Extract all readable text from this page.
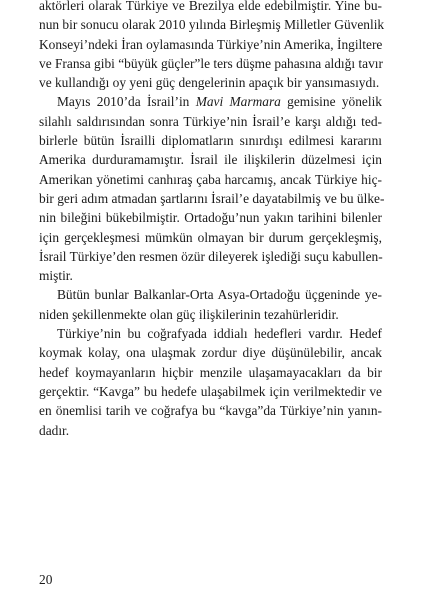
aktörleri olarak Türkiye ve Brezilya elde edebilmiştir. Yine bu-
nun bir sonucu olarak 2010 yılında Birleşmiş Milletler Güvenlik
Konseyi’ndeki İran oylamasında Türkiye’nin Amerika, İngiltere
ve Fransa gibi “büyük güçler”le ters düşme pahasına aldığı tavır
ve kullandığı oy yeni güç dengelerinin apaçık bir yansımasıydı.
Mayıs 2010’da İsrail’in Mavi Marmara gemisine yönelik
silahlı saldırısından sonra Türkiye’nin İsrail’e karşı aldığı ted-
birlerle bütün İsrailli diplomatların sınırdışı edilmesi kararını
Amerika durduramamıştır. İsrail ile ilişkilerin düzelmesi için
Amerikan yönetimi canhıraş çaba harcamış, ancak Türkiye hiç-
bir geri adım atmadan şartlarını İsrail’e dayatabilmiş ve bu ülke-
nin bileğini bükebilmiştir. Ortadoğu’nun yakın tarihini bilenler
için gerçekleşmesi mümkün olmayan bir durum gerçekleşmiş,
İsrail Türkiye’den resmen özür dileyerek işlediği suçu kabullen-
miştir.
Bütün bunlar Balkanlar-Orta Asya-Ortadoğu üçgeninde ye-
niden şekillenmekte olan güç ilişkilerinin tezahürleridir.
Türkiye’nin bu coğrafyada iddialı hedefleri vardır. Hedef
koymak kolay, ona ulaşmak zordur diye düşünülebilir, ancak
hedef koymayanların hiçbir menzile ulaşamayacakları da bir
gerçektir. “Kavga” bu hedefe ulaşabilmek için verilmektedir ve
en önemlisi tarih ve coğrafya bu “kavga”da Türkiye’nin yanın-
dadır.
20
